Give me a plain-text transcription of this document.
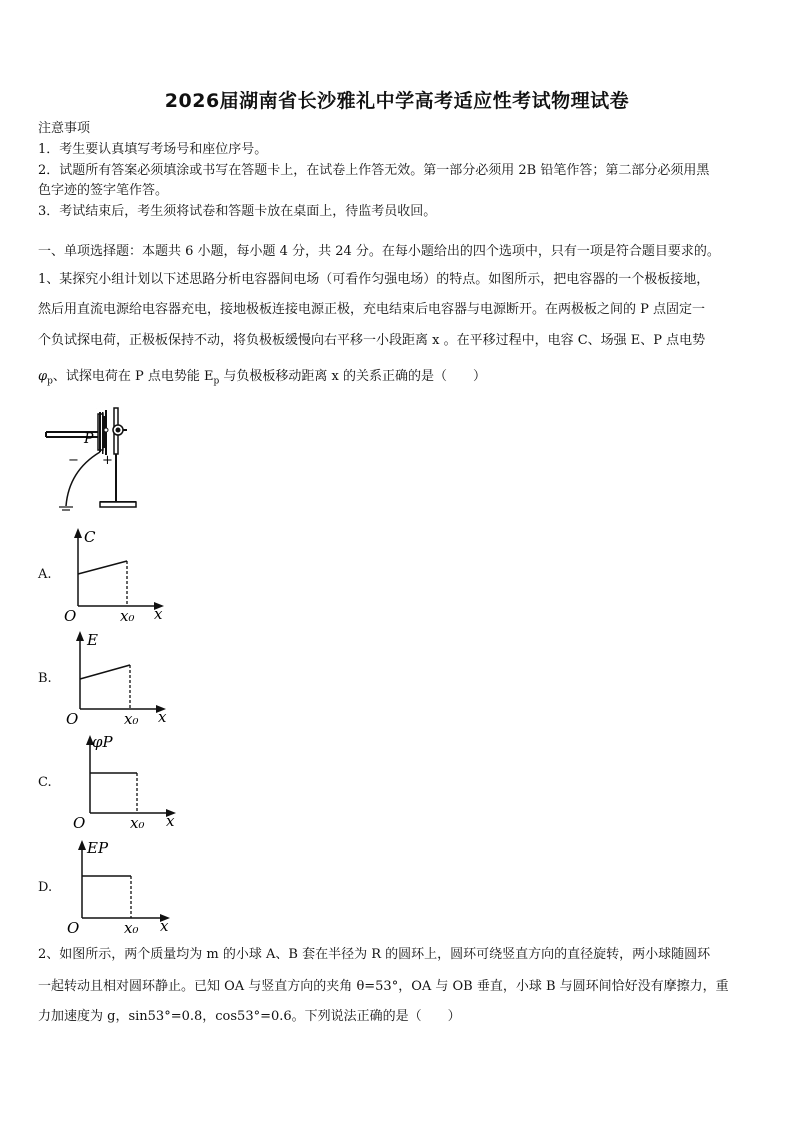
2026届湖南省长沙雅礼中学高考适应性考试物理试卷
注意事项
1．考生要认真填写考场号和座位序号。
2．试题所有答案必须填涂或书写在答题卡上，在试卷上作答无效。第一部分必须用 2B 铅笔作答；第二部分必须用黑
色字迹的签字笔作答。
3．考试结束后，考生须将试卷和答题卡放在桌面上，待监考员收回。
一、单项选择题：本题共 6 小题，每小题 4 分，共 24 分。在每小题给出的四个选项中，只有一项是符合题目要求的。
1、某探究小组计划以下述思路分析电容器间电场（可看作匀强电场）的特点。如图所示，把电容器的一个极板接地，
然后用直流电源给电容器充电，接地极板连接电源正极，充电结束后电容器与电源断开。在两极板之间的 P 点固定一
个负试探电荷，正极板保持不动，将负极板缓慢向右平移一小段距离 x 。在平移过程中，电容 C、场强 E、P 点电势
$\varphi_p$、试探电荷在 P 点电势能 $E_p$ 与负极板移动距离 x 的关系正确的是（　　）
P
− +
A.
C
O	x₀ x
B.
E
O	x₀ x
C.
φP
O	x₀ x
D.
EP
O	x₀ x
2、如图所示，两个质量均为 m 的小球 A、B 套在半径为 R 的圆环上，圆环可绕竖直方向的直径旋转，两小球随圆环
一起转动且相对圆环静止。已知 OA 与竖直方向的夹角 θ=53°，OA 与 OB 垂直，小球 B 与圆环间恰好没有摩擦力，重
力加速度为 g，sin53°=0.8，cos53°=0.6。下列说法正确的是（　　）
